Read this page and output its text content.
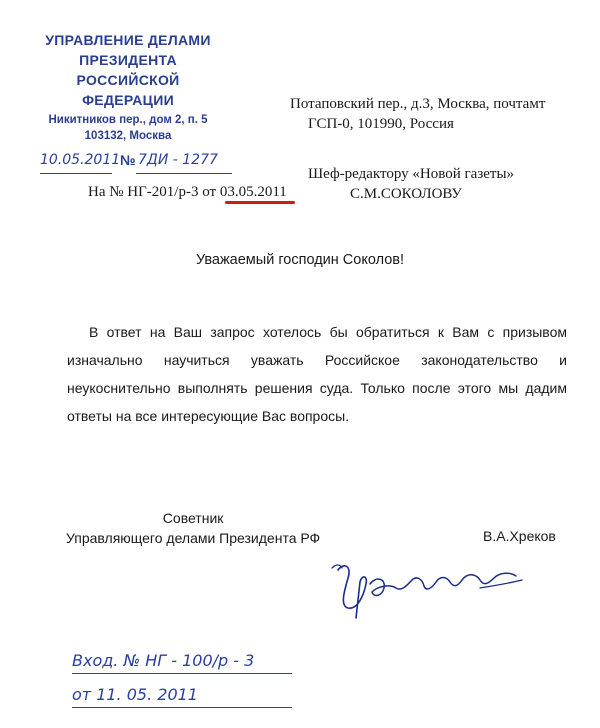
УПРАВЛЕНИЕ ДЕЛАМИ
ПРЕЗИДЕНТА
РОССИЙСКОЙ
ФЕДЕРАЦИИ
Никитников пер., дом 2, п. 5
103132, Москва
10.05.2011 № 7ДИ - 1277
На № НГ-201/р-3 от 03.05.2011
Потаповский пер., д.3, Москва, почтамт
ГСП-0, 101990, Россия
Шеф-редактору «Новой газеты»
С.М.СОКОЛОВУ
Уважаемый господин Соколов!
В ответ на Ваш запрос хотелось бы обратиться к Вам с призывом изначально научиться уважать Российское законодательство и неукоснительно выполнять решения суда. Только после этого мы дадим ответы на все интересующие Вас вопросы.
Советник
Управляющего делами Президента РФ	В.А.Хреков
Вход. № НГ - 100/р - 3
от 11. 05. 2011
